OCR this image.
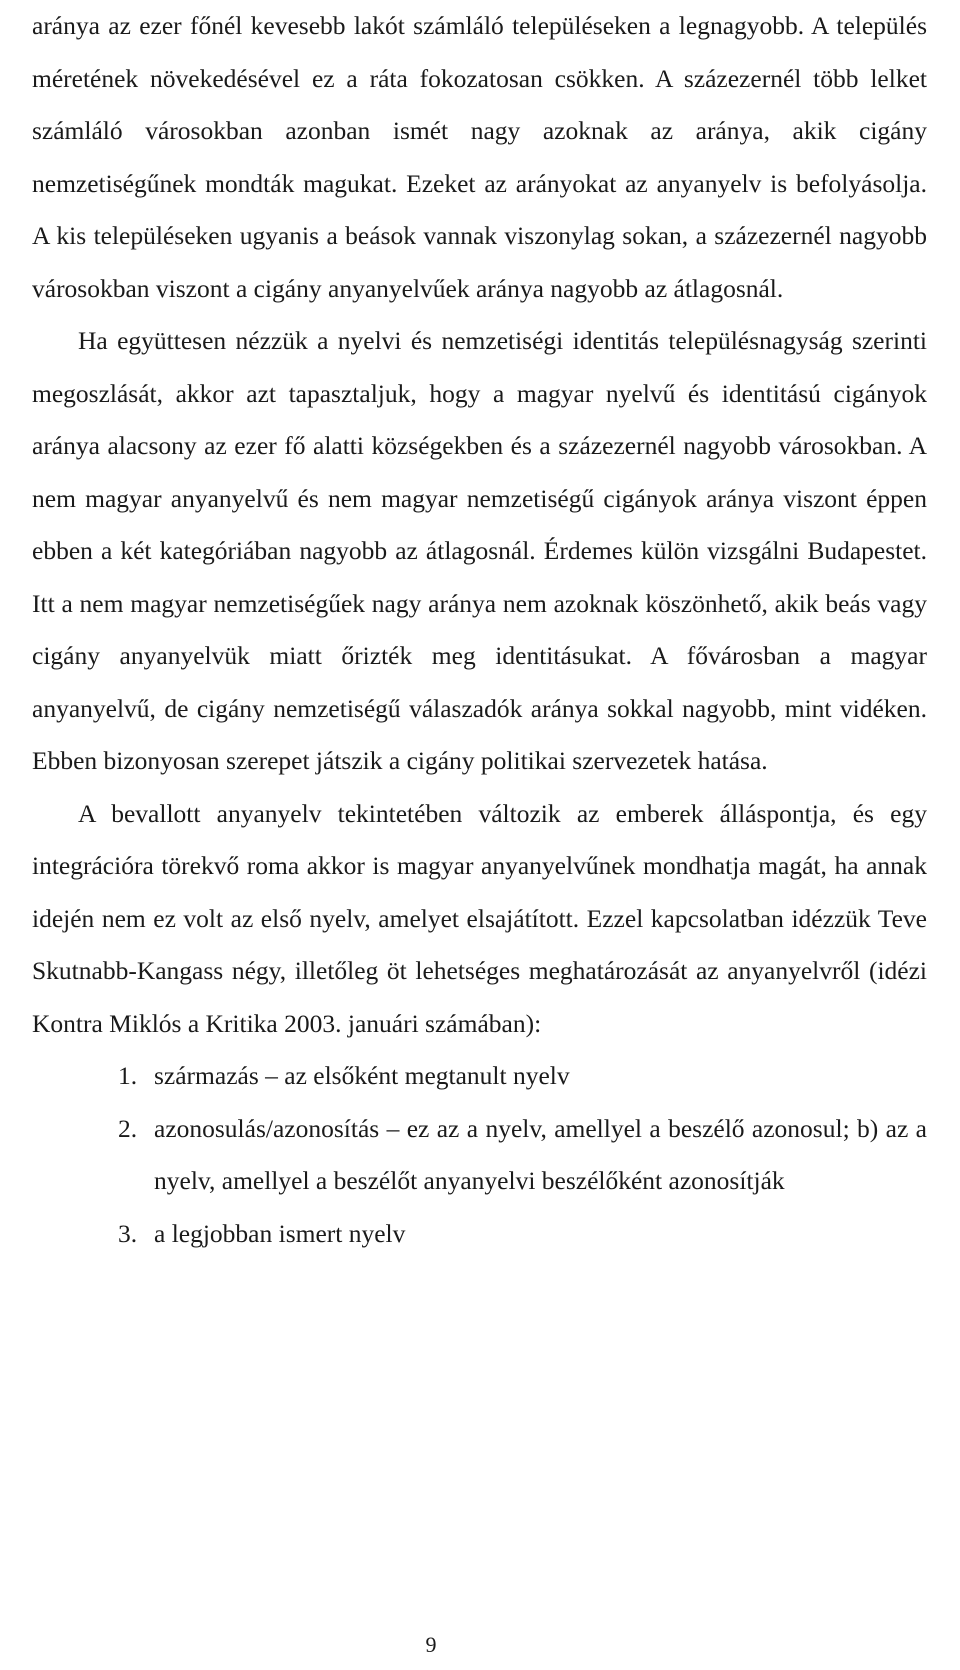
aránya az ezer főnél kevesebb lakót számláló településeken a legnagyobb. A település méretének növekedésével ez a ráta fokozatosan csökken. A százezernél több lelket számláló városokban azonban ismét nagy azoknak az aránya, akik cigány nemzetiségűnek mondták magukat. Ezeket az arányokat az anyanyelv is befolyásolja. A kis településeken ugyanis a beások vannak viszonylag sokan, a százezernél nagyobb városokban viszont a cigány anyanyelvűek aránya nagyobb az átlagosnál.

Ha együttesen nézzük a nyelvi és nemzetiségi identitás településnagyság szerinti megoszlását, akkor azt tapasztaljuk, hogy a magyar nyelvű és identitású cigányok aránya alacsony az ezer fő alatti községekben és a százezernél nagyobb városokban. A nem magyar anyanyelvű és nem magyar nemzetiségű cigányok aránya viszont éppen ebben a két kategóriában nagyobb az átlagosnál. Érdemes külön vizsgálni Budapestet. Itt a nem magyar nemzetiségűek nagy aránya nem azoknak köszönhető, akik beás vagy cigány anyanyelvük miatt őrizték meg identitásukat. A fővárosban a magyar anyanyelvű, de cigány nemzetiségű válaszadók aránya sokkal nagyobb, mint vidéken. Ebben bizonyosan szerepet játszik a cigány politikai szervezetek hatása.

A bevallott anyanyelv tekintetében változik az emberek álláspontja, és egy integrációra törekvő roma akkor is magyar anyanyelvűnek mondhatja magát, ha annak idején nem ez volt az első nyelv, amelyet elsajátított. Ezzel kapcsolatban idézzük Teve Skutnabb-Kangass négy, illetőleg öt lehetséges meghatározását az anyanyelvről (idézi Kontra Miklós a Kritika 2003. januári számában):

1. származás – az elsőként megtanult nyelv
2. azonosulás/azonosítás – ez az a nyelv, amellyel a beszélő azonosul; b) az a nyelv, amellyel a beszélőt anyanyelvi beszélőként azonosítják
3. a legjobban ismert nyelv
9
